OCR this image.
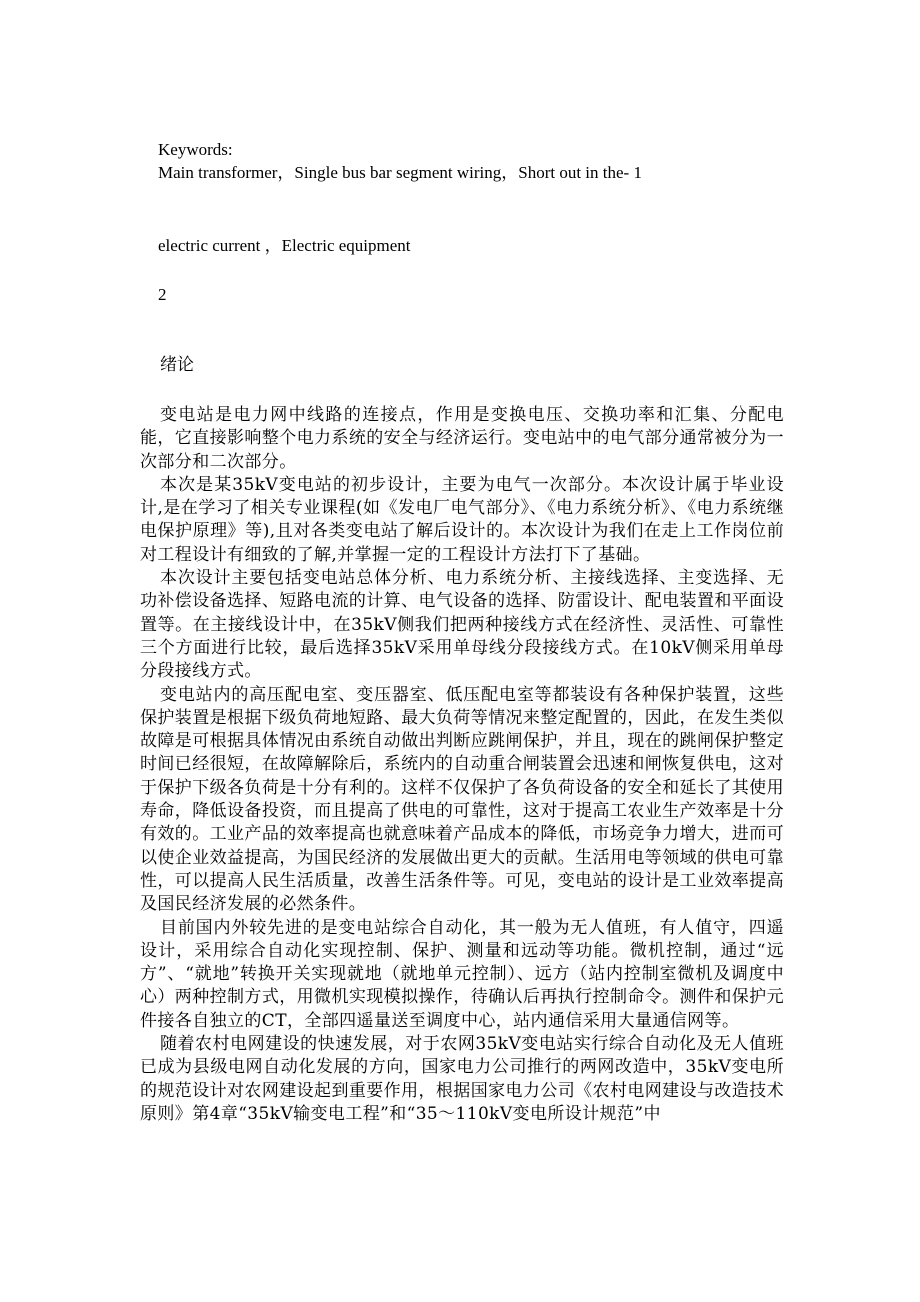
Keywords:
Main transformer，Single bus bar segment wiring，Short out in the- 1
electric current ，Electric equipment
2
绪论

变电站是电力网中线路的连接点，作用是变换电压、交换功率和汇集、分配电能，它直接影响整个电力系统的安全与经济运行。变电站中的电气部分通常被分为一次部分和二次部分。

本次是某35kV变电站的初步设计，主要为电气一次部分。本次设计属于毕业设计,是在学习了相关专业课程(如《发电厂电气部分》、《电力系统分析》、《电力系统继电保护原理》等),且对各类变电站了解后设计的。本次设计为我们在走上工作岗位前对工程设计有细致的了解,并掌握一定的工程设计方法打下了基础。

本次设计主要包括变电站总体分析、电力系统分析、主接线选择、主变选择、无功补偿设备选择、短路电流的计算、电气设备的选择、防雷设计、配电装置和平面设置等。在主接线设计中，在35kV侧我们把两种接线方式在经济性、灵活性、可靠性三个方面进行比较，最后选择35kV采用单母线分段接线方式。在10kV侧采用单母分段接线方式。

变电站内的高压配电室、变压器室、低压配电室等都装设有各种保护装置，这些保护装置是根据下级负荷地短路、最大负荷等情况来整定配置的，因此，在发生类似故障是可根据具体情况由系统自动做出判断应跳闸保护，并且，现在的跳闸保护整定时间已经很短，在故障解除后，系统内的自动重合闸装置会迅速和闸恢复供电，这对于保护下级各负荷是十分有利的。这样不仅保护了各负荷设备的安全和延长了其使用寿命，降低设备投资，而且提高了供电的可靠性，这对于提高工农业生产效率是十分有效的。工业产品的效率提高也就意味着产品成本的降低，市场竞争力增大，进而可以使企业效益提高，为国民经济的发展做出更大的贡献。生活用电等领域的供电可靠性，可以提高人民生活质量，改善生活条件等。可见，变电站的设计是工业效率提高及国民经济发展的必然条件。

目前国内外较先进的是变电站综合自动化，其一般为无人值班，有人值守，四遥设计，采用综合自动化实现控制、保护、测量和远动等功能。微机控制，通过“远方”、“就地”转换开关实现就地（就地单元控制）、远方（站内控制室微机及调度中心）两种控制方式，用微机实现模拟操作，待确认后再执行控制命令。测件和保护元件接各自独立的CT，全部四遥量送至调度中心，站内通信采用大量通信网等。

随着农村电网建设的快速发展，对于农网35kV变电站实行综合自动化及无人值班已成为县级电网自动化发展的方向，国家电力公司推行的两网改造中，35kV变电所的规范设计对农网建设起到重要作用，根据国家电力公司《农村电网建设与改造技术原则》第4章“35kV输变电工程”和“35～110kV变电所设计规范”中
